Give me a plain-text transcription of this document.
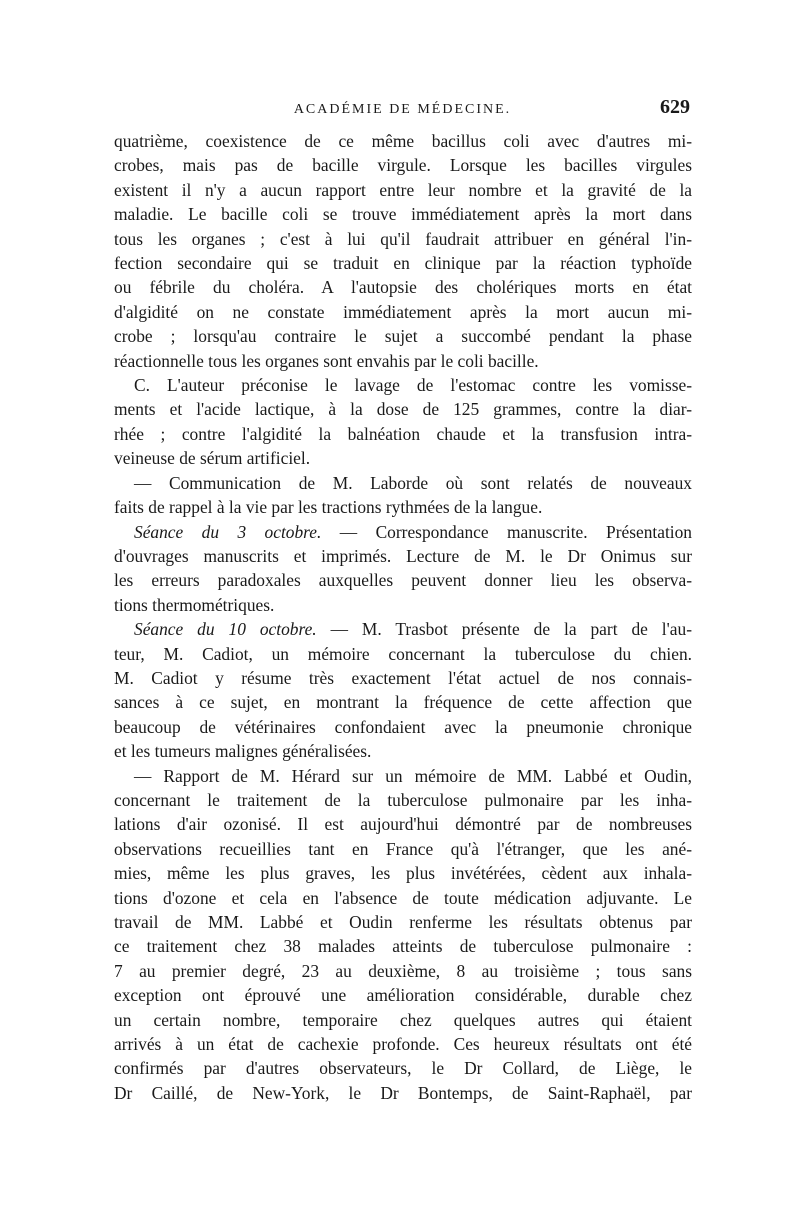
ACADÉMIE DE MÉDECINE.	629
quatrième, coexistence de ce même bacillus coli avec d'autres mi-
crobes, mais pas de bacille virgule. Lorsque les bacilles virgules
existent il n'y a aucun rapport entre leur nombre et la gravité de la
maladie. Le bacille coli se trouve immédiatement après la mort dans
tous les organes ; c'est à lui qu'il faudrait attribuer en général l'in-
fection secondaire qui se traduit en clinique par la réaction typhoïde
ou fébrile du choléra. A l'autopsie des cholériques morts en état
d'algidité on ne constate immédiatement après la mort aucun mi-
crobe ; lorsqu'au contraire le sujet a succombé pendant la phase
réactionnelle tous les organes sont envahis par le coli bacille.
C. L'auteur préconise le lavage de l'estomac contre les vomisse-
ments et l'acide lactique, à la dose de 125 grammes, contre la diar-
rhée ; contre l'algidité la balnéation chaude et la transfusion intra-
veineuse de sérum artificiel.
— Communication de M. Laborde où sont relatés de nouveaux
faits de rappel à la vie par les tractions rythmées de la langue.
Séance du 3 octobre. — Correspondance manuscrite. Présentation
d'ouvrages manuscrits et imprimés. Lecture de M. le Dr Onimus sur
les erreurs paradoxales auxquelles peuvent donner lieu les observa-
tions thermométriques.
Séance du 10 octobre. — M. Trasbot présente de la part de l'au-
teur, M. Cadiot, un mémoire concernant la tuberculose du chien.
M. Cadiot y résume très exactement l'état actuel de nos connais-
sances à ce sujet, en montrant la fréquence de cette affection que
beaucoup de vétérinaires confondaient avec la pneumonie chronique
et les tumeurs malignes généralisées.
— Rapport de M. Hérard sur un mémoire de MM. Labbé et Oudin,
concernant le traitement de la tuberculose pulmonaire par les inha-
lations d'air ozonisé. Il est aujourd'hui démontré par de nombreuses
observations recueillies tant en France qu'à l'étranger, que les ané-
mies, même les plus graves, les plus invétérées, cèdent aux inhala-
tions d'ozone et cela en l'absence de toute médication adjuvante. Le
travail de MM. Labbé et Oudin renferme les résultats obtenus par
ce traitement chez 38 malades atteints de tuberculose pulmonaire :
7 au premier degré, 23 au deuxième, 8 au troisième ; tous sans
exception ont éprouvé une amélioration considérable, durable chez
un certain nombre, temporaire chez quelques autres qui étaient
arrivés à un état de cachexie profonde. Ces heureux résultats ont été
confirmés par d'autres observateurs, le Dr Collard, de Liège, le
Dr Caillé, de New-York, le Dr Bontemps, de Saint-Raphaël, par
